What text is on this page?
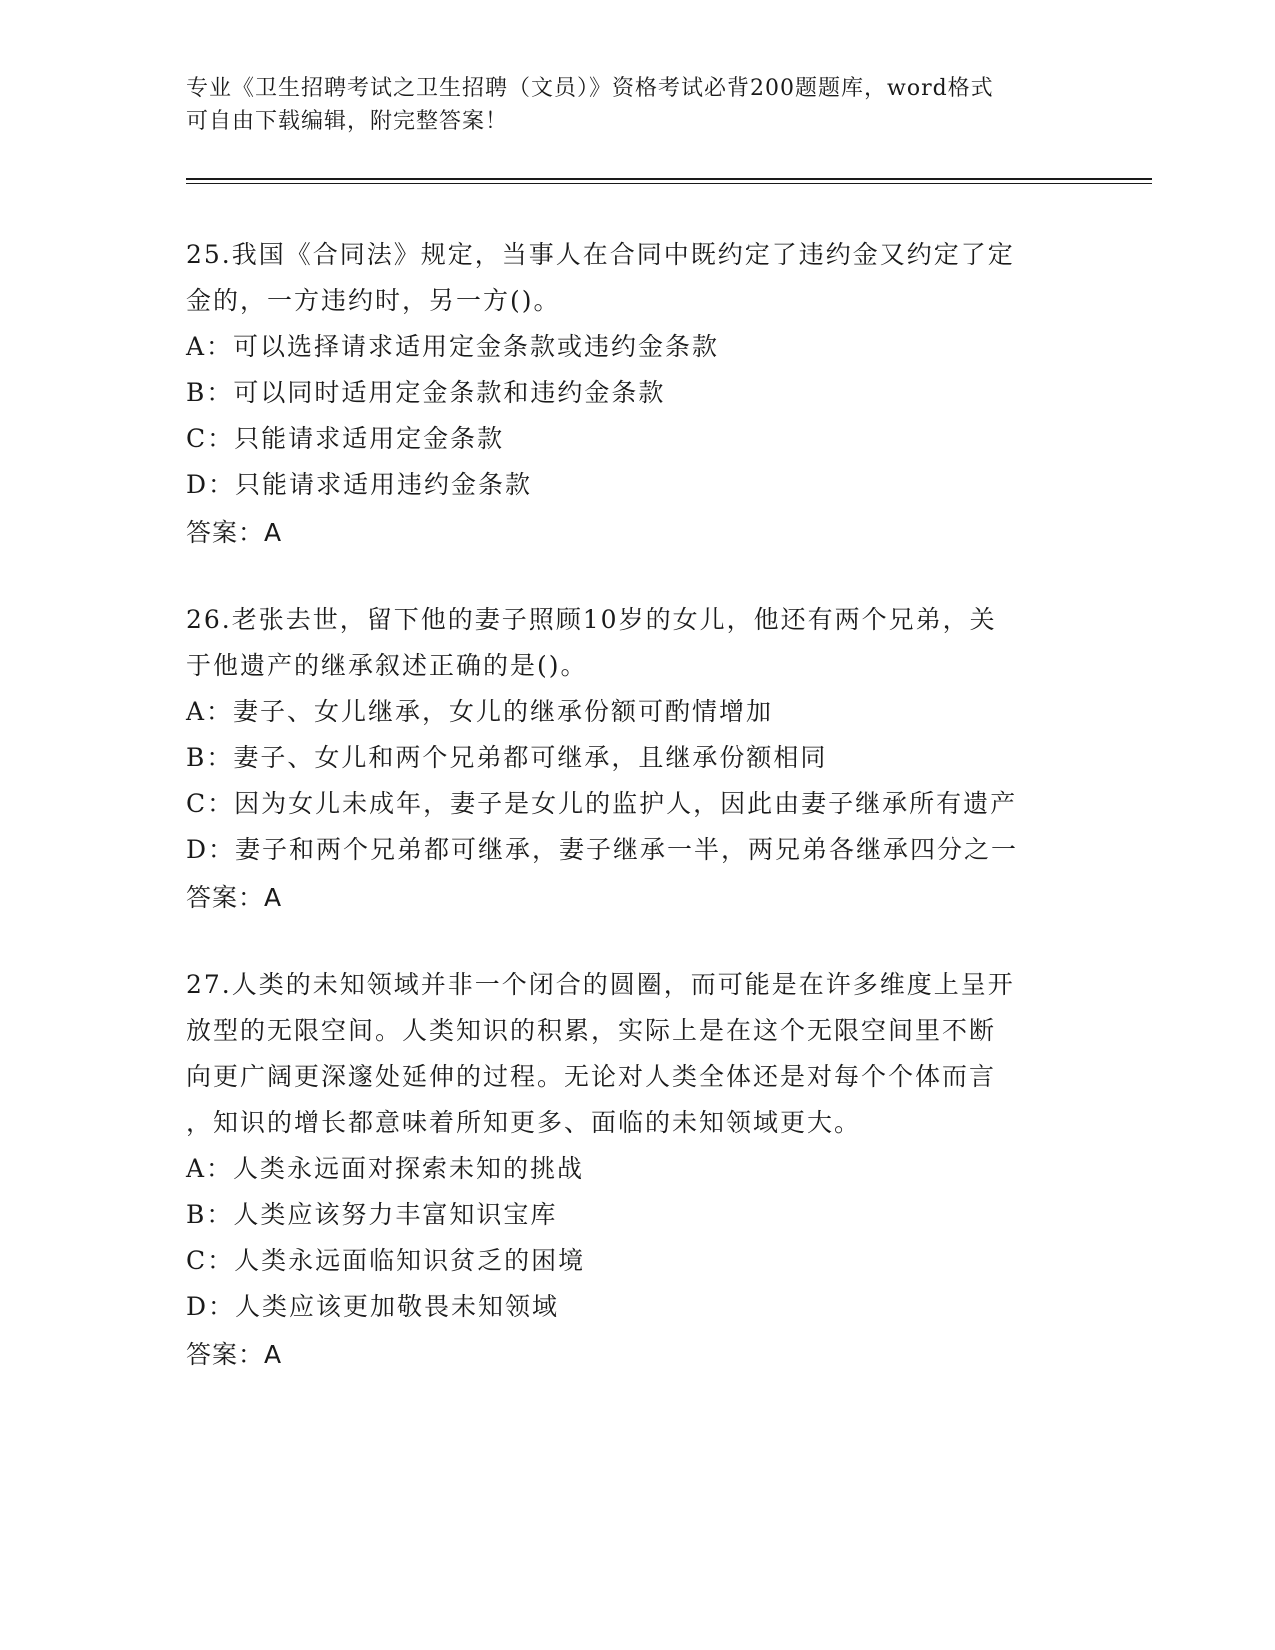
专业《卫生招聘考试之卫生招聘（文员）》资格考试必背200题题库，word格式
可自由下载编辑，附完整答案！
25.我国《合同法》规定，当事人在合同中既约定了违约金又约定了定
金的，一方违约时，另一方()。
A：可以选择请求适用定金条款或违约金条款
B：可以同时适用定金条款和违约金条款
C：只能请求适用定金条款
D：只能请求适用违约金条款
答案：A
26.老张去世，留下他的妻子照顾10岁的女儿，他还有两个兄弟，关
于他遗产的继承叙述正确的是()。
A：妻子、女儿继承，女儿的继承份额可酌情增加
B：妻子、女儿和两个兄弟都可继承，且继承份额相同
C：因为女儿未成年，妻子是女儿的监护人，因此由妻子继承所有遗产
D：妻子和两个兄弟都可继承，妻子继承一半，两兄弟各继承四分之一
答案：A
27.人类的未知领域并非一个闭合的圆圈，而可能是在许多维度上呈开
放型的无限空间。人类知识的积累，实际上是在这个无限空间里不断
向更广阔更深邃处延伸的过程。无论对人类全体还是对每个个体而言
，知识的增长都意味着所知更多、面临的未知领域更大。
A：人类永远面对探索未知的挑战
B：人类应该努力丰富知识宝库
C：人类永远面临知识贫乏的困境
D：人类应该更加敬畏未知领域
答案：A
